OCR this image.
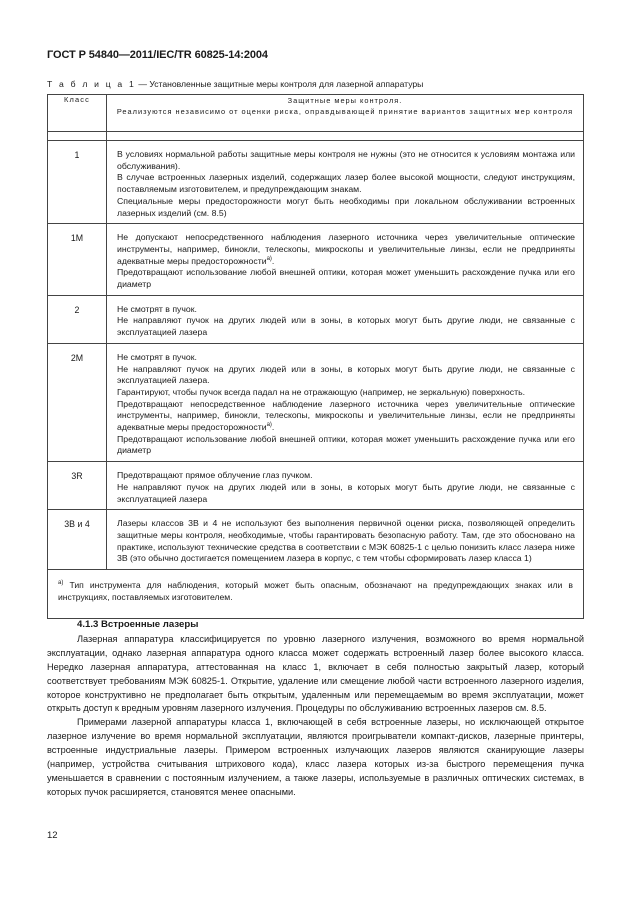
ГОСТ Р 54840—2011/IEC/TR 60825-14:2004
Т а б л и ц а 1 — Установленные защитные меры контроля для лазерной аппаратуры
Класс	Защитные меры контроля.
Реализуются независимо от оценки риска, оправдывающей принятие вариантов защитных мер контроля

1	В условиях нормальной работы защитные меры контроля не нужны (это не относится к условиям монтажа или обслуживания).

В случае встроенных лазерных изделий, содержащих лазер более высокой мощности, следуют инструкциям, поставляемым изготовителем, и предупреждающим знакам.

Специальные меры предосторожности могут быть необходимы при локальном обслуживании встроенных лазерных изделий (см. 8.5)

1M	Не допускают непосредственного наблюдения лазерного источника через увеличительные оптические инструменты, например, бинокли, телескопы, микроскопы и увеличительные линзы, если не предприняты адекватные меры предосторожности$^{а)}$.

Предотвращают использование любой внешней оптики, которая может уменьшить расхождение пучка или его диаметр

2	Не смотрят в пучок.

Не направляют пучок на других людей или в зоны, в которых могут быть другие люди, не связанные с эксплуатацией лазера

2M	Не смотрят в пучок.

Не направляют пучок на других людей или в зоны, в которых могут быть другие люди, не связанные с эксплуатацией лазера.

Гарантируют, чтобы пучок всегда падал на не отражающую (например, не зеркальную) поверхность.

Предотвращают непосредственное наблюдение лазерного источника через увеличительные оптические инструменты, например, бинокли, телескопы, микроскопы и увеличительные линзы, если не предприняты адекватные меры предосторожности$^{а)}$.

Предотвращают использование любой внешней оптики, которая может уменьшить расхождение пучка или его диаметр

3R	Предотвращают прямое облучение глаз пучком.

Не направляют пучок на других людей или в зоны, в которых могут быть другие люди, не связанные с эксплуатацией лазера

3B и 4	Лазеры классов 3B и 4 не используют без выполнения первичной оценки риска, позволяющей определить защитные меры контроля, необходимые, чтобы гарантировать безопасную работу. Там, где это обосновано на практике, используют технические средства в соответствии с МЭК 60825-1 с целью понизить класс лазера ниже 3B (это обычно достигается помещением лазера в корпус, с тем чтобы сформировать лазер класса 1)

$^{а)}$ Тип инструмента для наблюдения, который может быть опасным, обозначают на предупреждающих знаках или в инструкциях, поставляемых изготовителем.	
4.1.3 Встроенные лазеры

Лазерная аппаратура классифицируется по уровню лазерного излучения, возможного во время нормальной эксплуатации, однако лазерная аппаратура одного класса может содержать встроенный лазер более высокого класса. Нередко лазерная аппаратура, аттестованная на класс 1, включает в себя полностью закрытый лазер, который соответствует требованиям МЭК 60825-1. Открытие, удаление или смещение любой части встроенного лазерного изделия, которое конструктивно не предполагает быть открытым, удаленным или перемещаемым во время эксплуатации, может открыть доступ к вредным уровням лазерного излучения. Процедуры по обслуживанию встроенных лазеров см. 8.5.

Примерами лазерной аппаратуры класса 1, включающей в себя встроенные лазеры, но исключающей открытое лазерное излучение во время нормальной эксплуатации, являются проигрыватели компакт-дисков, лазерные принтеры, встроенные индустриальные лазеры. Примером встроенных излучающих лазеров являются сканирующие лазеры (например, устройства считывания штрихового кода), класс лазера которых из-за быстрого перемещения пучка уменьшается в сравнении с постоянным излучением, а также лазеры, используемые в различных оптических системах, в которых пучок расширяется, становятся менее опасными.

12
